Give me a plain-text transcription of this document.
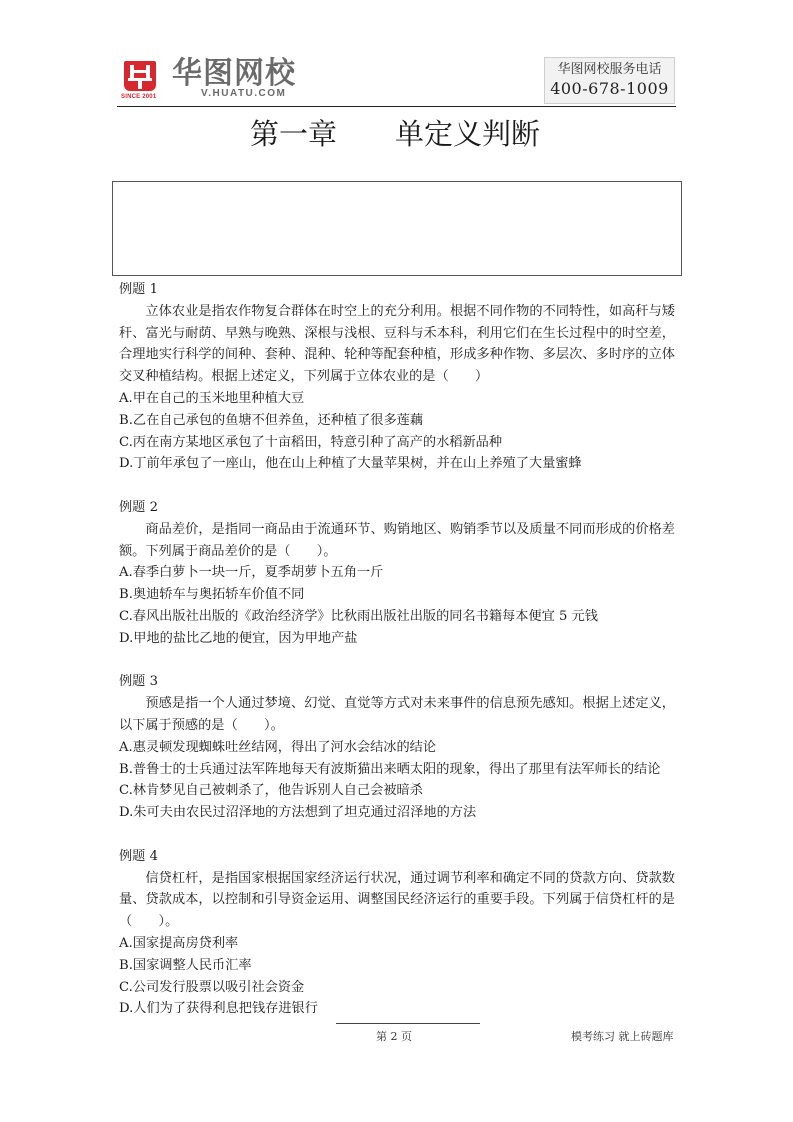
SINCE 2001
华图网校
V.HUATU.COM
华图网校服务电话
400-678-1009
第一章　　单定义判断

例题 1

立体农业是指农作物复合群体在时空上的充分利用。根据不同作物的不同特性，如高秆与矮秆、富光与耐荫、早熟与晚熟、深根与浅根、豆科与禾本科，利用它们在生长过程中的时空差，合理地实行科学的间种、套种、混种、轮种等配套种植，形成多种作物、多层次、多时序的立体交叉种植结构。根据上述定义，下列属于立体农业的是（　　）

A.甲在自己的玉米地里种植大豆

B.乙在自己承包的鱼塘不但养鱼，还种植了很多莲藕

C.丙在南方某地区承包了十亩稻田，特意引种了高产的水稻新品种

D.丁前年承包了一座山，他在山上种植了大量苹果树，并在山上养殖了大量蜜蜂

例题 2

商品差价，是指同一商品由于流通环节、购销地区、购销季节以及质量不同而形成的价格差额。下列属于商品差价的是（　　）。

A.春季白萝卜一块一斤，夏季胡萝卜五角一斤

B.奥迪轿车与奥拓轿车价值不同

C.春风出版社出版的《政治经济学》比秋雨出版社出版的同名书籍每本便宜 5 元钱

D.甲地的盐比乙地的便宜，因为甲地产盐

例题 3

预感是指一个人通过梦境、幻觉、直觉等方式对未来事件的信息预先感知。根据上述定义，以下属于预感的是（　　）。

A.惠灵顿发现蜘蛛吐丝结网，得出了河水会结冰的结论

B.普鲁士的士兵通过法军阵地每天有波斯猫出来晒太阳的现象，得出了那里有法军师长的结论

C.林肯梦见自己被刺杀了，他告诉别人自己会被暗杀

D.朱可夫由农民过沼泽地的方法想到了坦克通过沼泽地的方法

例题 4

信贷杠杆，是指国家根据国家经济运行状况，通过调节利率和确定不同的贷款方向、贷款数量、贷款成本，以控制和引导资金运用、调整国民经济运行的重要手段。下列属于信贷杠杆的是（　　）。

A.国家提高房贷利率

B.国家调整人民币汇率

C.公司发行股票以吸引社会资金

D.人们为了获得利息把钱存进银行

第 2 页	模考练习 就上砖题库
